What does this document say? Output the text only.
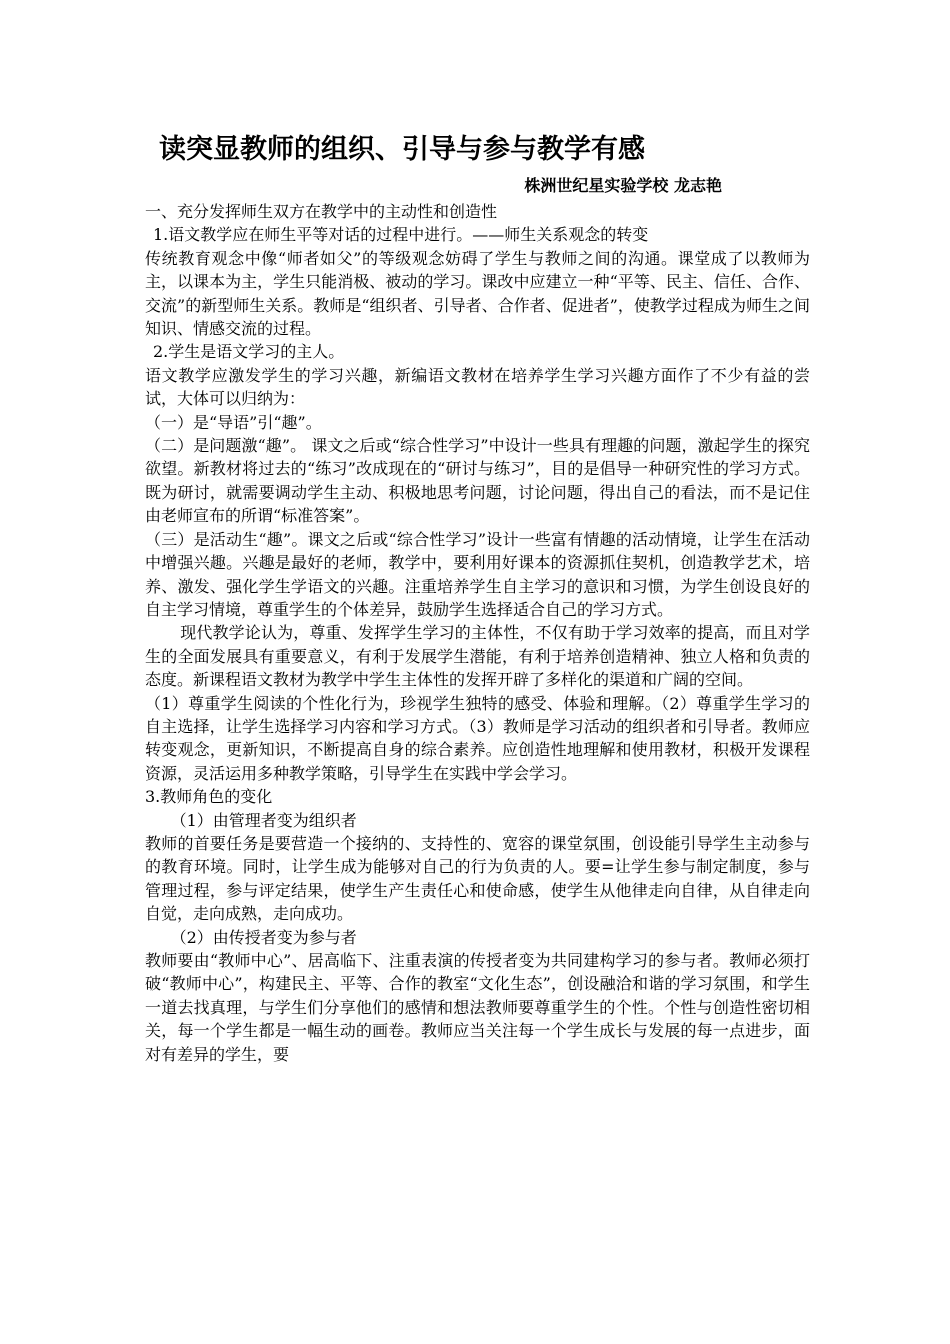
读突显教师的组织、引导与参与教学有感
株洲世纪星实验学校 龙志艳

一、充分发挥师生双方在教学中的主动性和创造性

1.语文教学应在师生平等对话的过程中进行。——师生关系观念的转变

传统教育观念中像“师者如父”的等级观念妨碍了学生与教师之间的沟通。课堂成了以教师为主，以课本为主，学生只能消极、被动的学习。课改中应建立一种“平等、民主、信任、合作、交流”的新型师生关系。教师是“组织者、引导者、合作者、促进者”，使教学过程成为师生之间知识、情感交流的过程。

2.学生是语文学习的主人。

语文教学应激发学生的学习兴趣，新编语文教材在培养学生学习兴趣方面作了不少有益的尝试，大体可以归纳为：

（一）是“导语”引“趣”。

（二）是问题激“趣”。 课文之后或“综合性学习”中设计一些具有理趣的问题，激起学生的探究欲望。新教材将过去的“练习”改成现在的“研讨与练习”，目的是倡导一种研究性的学习方式。既为研讨，就需要调动学生主动、积极地思考问题，讨论问题，得出自己的看法，而不是记住由老师宣布的所谓“标准答案”。

（三）是活动生“趣”。课文之后或“综合性学习”设计一些富有情趣的活动情境，让学生在活动中增强兴趣。兴趣是最好的老师，教学中，要利用好课本的资源抓住契机，创造教学艺术，培养、激发、强化学生学语文的兴趣。注重培养学生自主学习的意识和习惯，为学生创设良好的自主学习情境，尊重学生的个体差异，鼓励学生选择适合自己的学习方式。

现代教学论认为，尊重、发挥学生学习的主体性，不仅有助于学习效率的提高，而且对学生的全面发展具有重要意义，有利于发展学生潜能，有利于培养创造精神、独立人格和负责的态度。新课程语文教材为教学中学生主体性的发挥开辟了多样化的渠道和广阔的空间。

（1）尊重学生阅读的个性化行为，珍视学生独特的感受、体验和理解。（2）尊重学生学习的自主选择，让学生选择学习内容和学习方式。（3）教师是学习活动的组织者和引导者。教师应转变观念，更新知识，不断提高自身的综合素养。应创造性地理解和使用教材，积极开发课程资源，灵活运用多种教学策略，引导学生在实践中学会学习。

3.教师角色的变化

（1）由管理者变为组织者

教师的首要任务是要营造一个接纳的、支持性的、宽容的课堂氛围，创设能引导学生主动参与的教育环境。同时，让学生成为能够对自己的行为负责的人。要=让学生参与制定制度，参与管理过程，参与评定结果，使学生产生责任心和使命感，使学生从他律走向自律，从自律走向自觉，走向成熟，走向成功。

（2）由传授者变为参与者

教师要由“教师中心”、居高临下、注重表演的传授者变为共同建构学习的参与者。教师必须打破“教师中心”，构建民主、平等、合作的教室“文化生态”，创设融洽和谐的学习氛围，和学生一道去找真理，与学生们分享他们的感情和想法教师要尊重学生的个性。个性与创造性密切相关，每一个学生都是一幅生动的画卷。教师应当关注每一个学生成长与发展的每一点进步，面对有差异的学生，要
